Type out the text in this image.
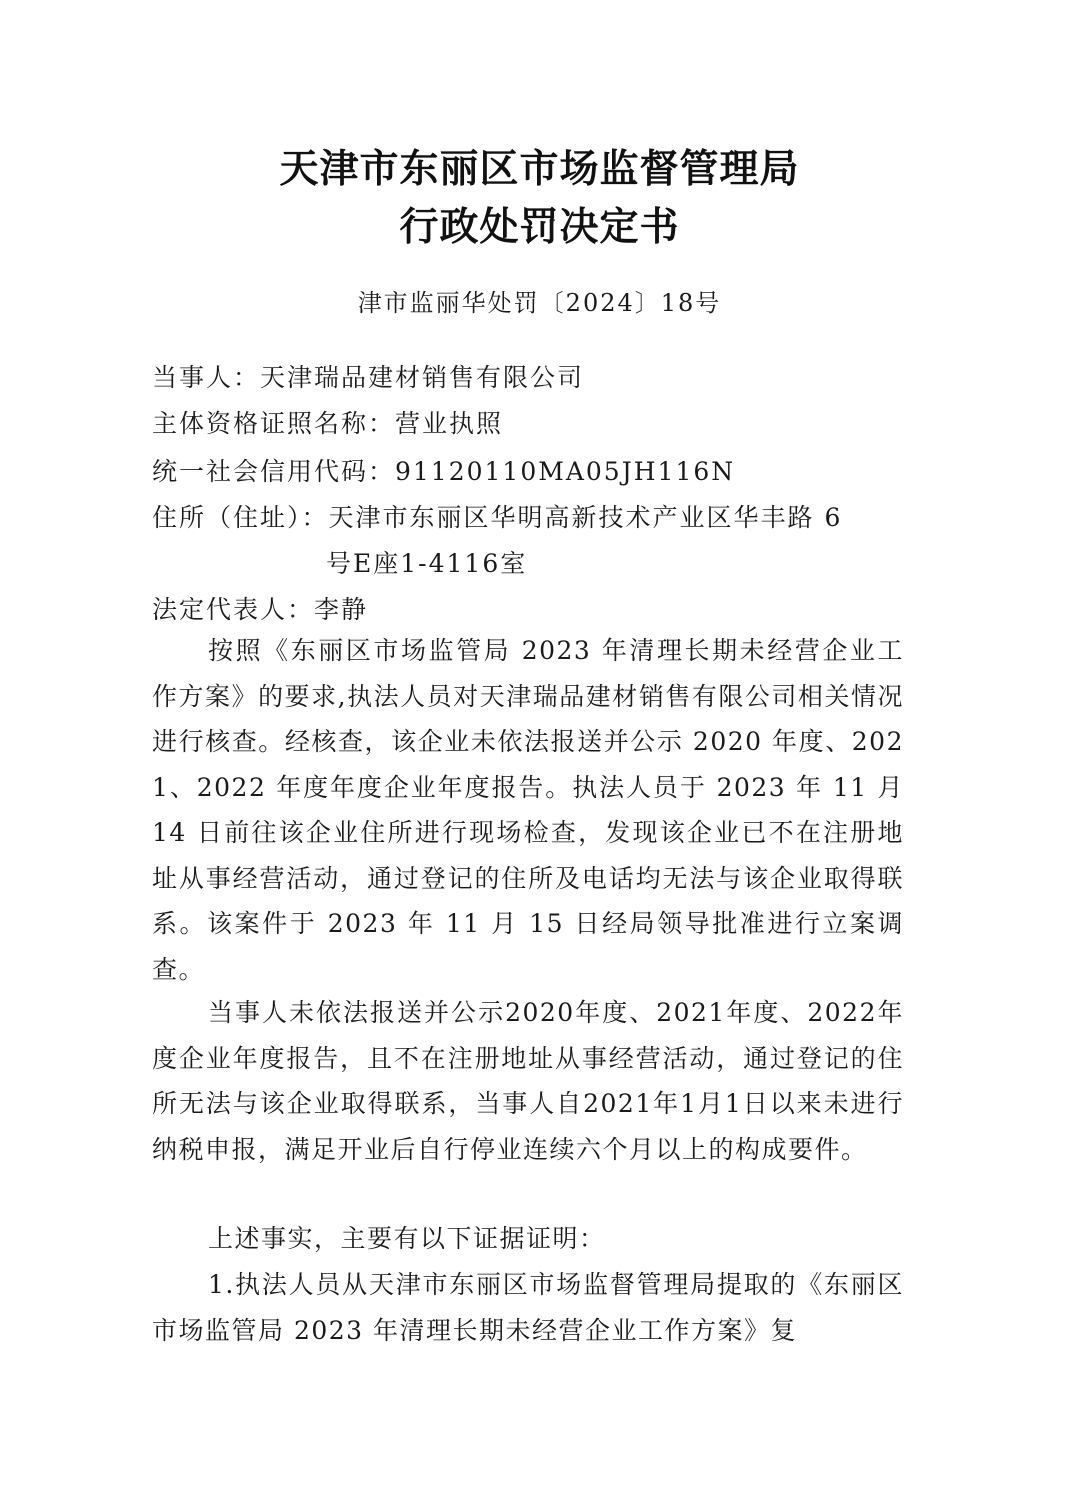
天津市东丽区市场监督管理局
行政处罚决定书
津市监丽华处罚〔2024〕18号
当事人：天津瑞品建材销售有限公司
主体资格证照名称：营业执照
统一社会信用代码：91120110MA05JH116N
住所（住址）：天津市东丽区华明高新技术产业区华丰路 6
号E座1-4116室
法定代表人：李静
按照《东丽区市场监管局 2023 年清理长期未经营企业工作方案》的要求,执法人员对天津瑞品建材销售有限公司相关情况进行核查。经核查，该企业未依法报送并公示 2020 年度、2021、2022 年度年度企业年度报告。执法人员于 2023 年 11 月 14 日前往该企业住所进行现场检查，发现该企业已不在注册地址从事经营活动，通过登记的住所及电话均无法与该企业取得联系。该案件于 2023 年 11 月 15 日经局领导批准进行立案调查。
当事人未依法报送并公示2020年度、2021年度、2022年度企业年度报告，且不在注册地址从事经营活动，通过登记的住所无法与该企业取得联系，当事人自2021年1月1日以来未进行纳税申报，满足开业后自行停业连续六个月以上的构成要件。
上述事实，主要有以下证据证明：
1.执法人员从天津市东丽区市场监督管理局提取的《东丽区市场监管局 2023 年清理长期未经营企业工作方案》复
